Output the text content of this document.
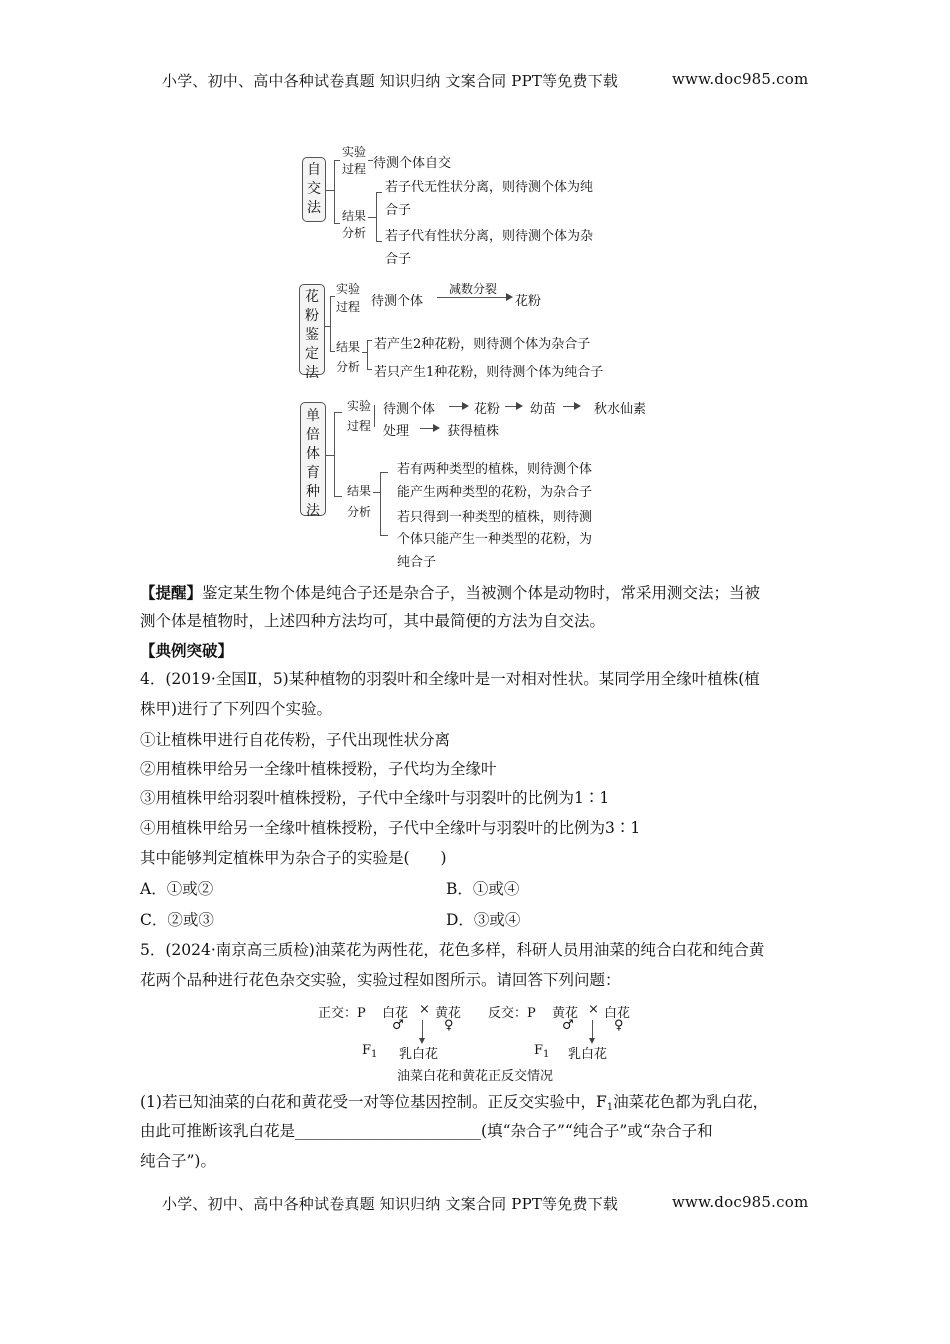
小学、初中、高中各种试卷真题 知识归纳 文案合同 PPT等免费下载	www.doc985.com
自
交
法
实验
过程 待测个体自交
结果
分析
若子代无性状分离，则待测个体为纯
合子
若子代有性状分离，则待测个体为杂
合子
花
粉
鉴
定
法
实验
过程 待测个体
减数分裂
花粉
结果
分析
若产生2种花粉，则待测个体为杂合子
若只产生1种花粉，则待测个体为纯合子
单
倍
体
育
种
法
实验
过程
待测个体	花粉 幼苗	秋水仙素
处理	获得植株
结果
分析
若有两种类型的植株，则待测个体
能产生两种类型的花粉，为杂合子
若只得到一种类型的植株，则待测
个体只能产生一种类型的花粉，为
纯合子
【提醒】鉴定某生物个体是纯合子还是杂合子，当被测个体是动物时，常采用测交法；当被
测个体是植物时，上述四种方法均可，其中最简便的方法为自交法。
【典例突破】
4．(2019·全国Ⅱ，5)某种植物的羽裂叶和全缘叶是一对相对性状。某同学用全缘叶植株(植
株甲)进行了下列四个实验。
①让植株甲进行自花传粉，子代出现性状分离
②用植株甲给另一全缘叶植株授粉，子代均为全缘叶
③用植株甲给羽裂叶植株授粉，子代中全缘叶与羽裂叶的比例为1∶1
④用植株甲给另一全缘叶植株授粉，子代中全缘叶与羽裂叶的比例为3∶1
其中能够判定植株甲为杂合子的实验是(　　)
A．①或②	B．①或④
C．②或③	D．③或④
5．(2024·南京高三质检)油菜花为两性花，花色多样，科研人员用油菜的纯合白花和纯合黄
花两个品种进行花色杂交实验，实验过程如图所示。请回答下列问题：
正交：P 白花 × 黄花
♂	♀
$F_1$ 乳白花
反交：P 黄花 × 白花
♂	♀
$F_1$ 乳白花
油菜白花和黄花正反交情况
(1)若已知油菜的白花和黄花受一对等位基因控制。正反交实验中，$F_1$油菜花色都为乳白花，
由此可推断该乳白花是________________________(填“杂合子”“纯合子”或“杂合子和
纯合子”)。
小学、初中、高中各种试卷真题 知识归纳 文案合同 PPT等免费下载	www.doc985.com
